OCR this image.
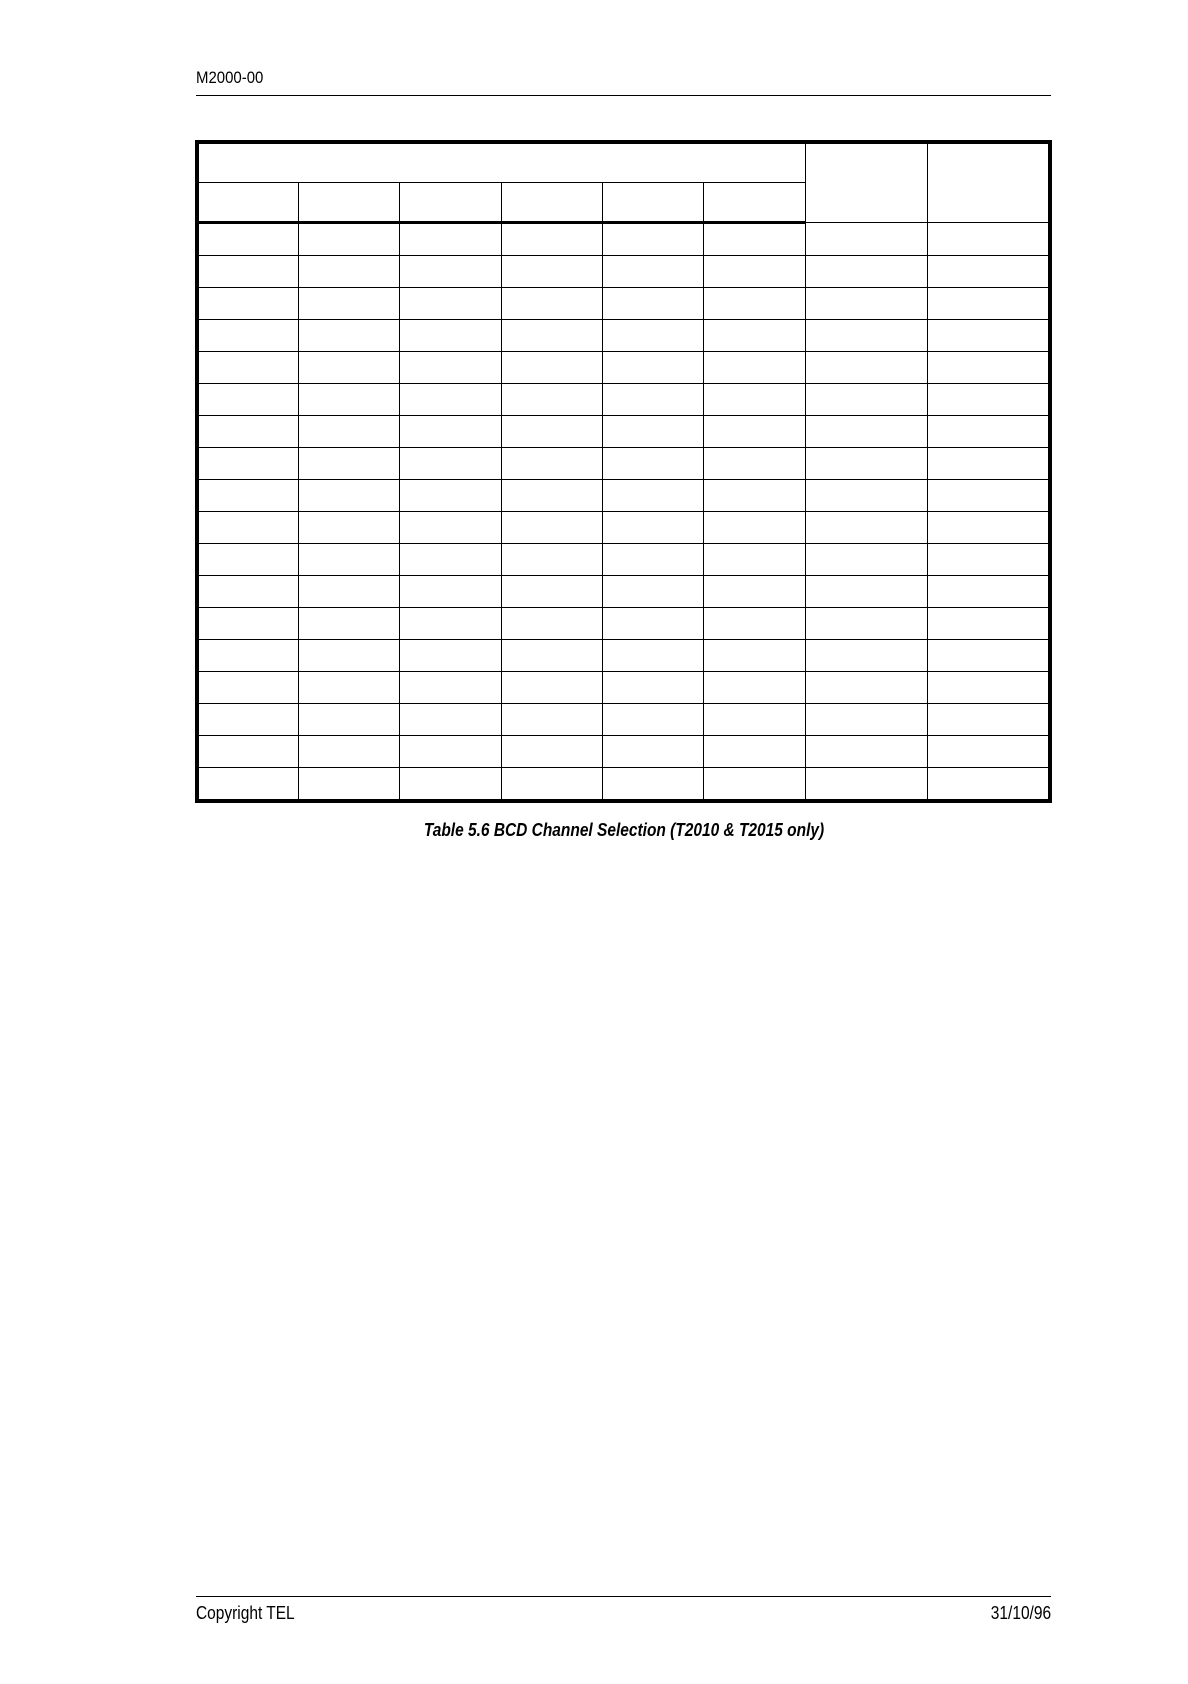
M2000-00

Table 5.6 BCD Channel Selection (T2010 & T2015 only)
Copyright TEL	31/10/96
